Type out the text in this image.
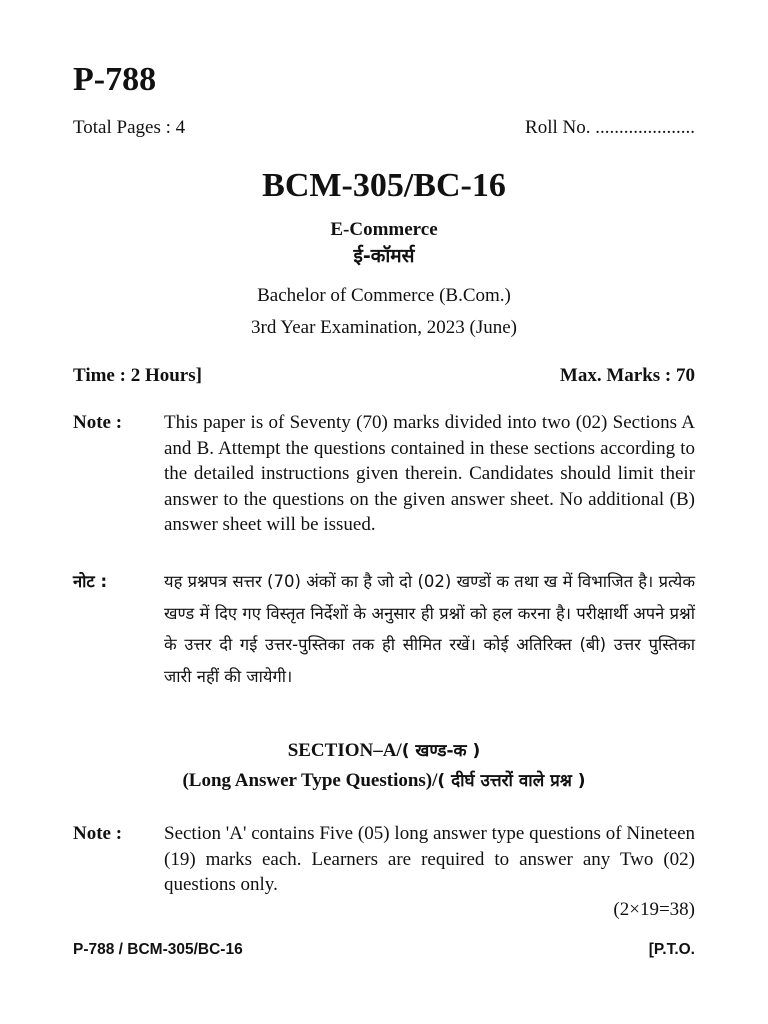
P-788
Total Pages : 4	Roll No. .....................
BCM-305/BC-16
E-Commerce
ई-कॉमर्स
Bachelor of Commerce (B.Com.)
3rd Year Examination, 2023 (June)
Time : 2 Hours]	Max. Marks : 70
Note :	This paper is of Seventy (70) marks divided into two (02) Sections A and B. Attempt the questions contained in these sections according to the detailed instructions given therein. Candidates should limit their answer to the questions on the given answer sheet. No additional (B) answer sheet will be issued.
नोट :	यह प्रश्नपत्र सत्तर (70) अंकों का है जो दो (02) खण्डों क तथा ख में विभाजित है। प्रत्येक खण्ड में दिए गए विस्तृत निर्देशों के अनुसार ही प्रश्नों को हल करना है। परीक्षार्थी अपने प्रश्नों के उत्तर दी गई उत्तर-पुस्तिका तक ही सीमित रखें। कोई अतिरिक्त (बी) उत्तर पुस्तिका जारी नहीं की जायेगी।
SECTION–A/( खण्ड-क )
(Long Answer Type Questions)/( दीर्घ उत्तरों वाले प्रश्न )
Note :	Section 'A' contains Five (05) long answer type questions of Nineteen (19) marks each. Learners are required to answer any Two (02) questions only.
(2×19=38)
P-788 / BCM-305/BC-16	[P.T.O.
